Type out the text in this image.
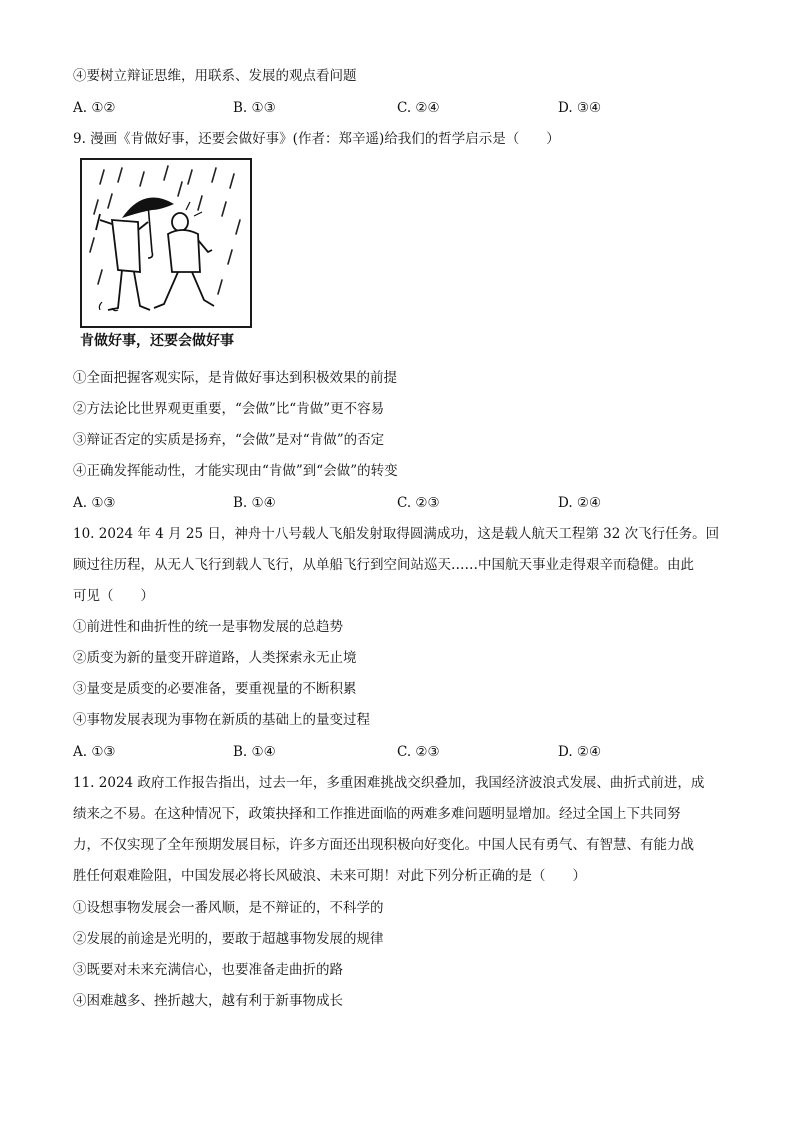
④要树立辩证思维，用联系、发展的观点看问题
A. ①②	B. ①③	C. ②④	D. ③④
9. 漫画《肯做好事，还要会做好事》(作者：郑辛遥)给我们的哲学启示是（　　）
肯做好事，还要会做好事
①全面把握客观实际，是肯做好事达到积极效果的前提
②方法论比世界观更重要，“会做”比“肯做”更不容易
③辩证否定的实质是扬弃，“会做”是对“肯做”的否定
④正确发挥能动性，才能实现由“肯做”到“会做”的转变
A. ①③	B. ①④	C. ②③	D. ②④
10. 2024 年 4 月 25 日，神舟十八号载人飞船发射取得圆满成功，这是载人航天工程第 32 次飞行任务。回
顾过往历程，从无人飞行到载人飞行，从单船飞行到空间站巡天……中国航天事业走得艰辛而稳健。由此
可见（　　）
①前进性和曲折性的统一是事物发展的总趋势
②质变为新的量变开辟道路，人类探索永无止境
③量变是质变的必要准备，要重视量的不断积累
④事物发展表现为事物在新质的基础上的量变过程
A. ①③	B. ①④	C. ②③	D. ②④
11. 2024 政府工作报告指出，过去一年，多重困难挑战交织叠加，我国经济波浪式发展、曲折式前进，成
绩来之不易。在这种情况下，政策抉择和工作推进面临的两难多难问题明显增加。经过全国上下共同努
力，不仅实现了全年预期发展目标，许多方面还出现积极向好变化。中国人民有勇气、有智慧、有能力战
胜任何艰难险阻，中国发展必将长风破浪、未来可期！对此下列分析正确的是（　　）
①设想事物发展会一番风顺，是不辩证的，不科学的
②发展的前途是光明的，要敢于超越事物发展的规律
③既要对未来充满信心，也要准备走曲折的路
④困难越多、挫折越大，越有利于新事物成长
